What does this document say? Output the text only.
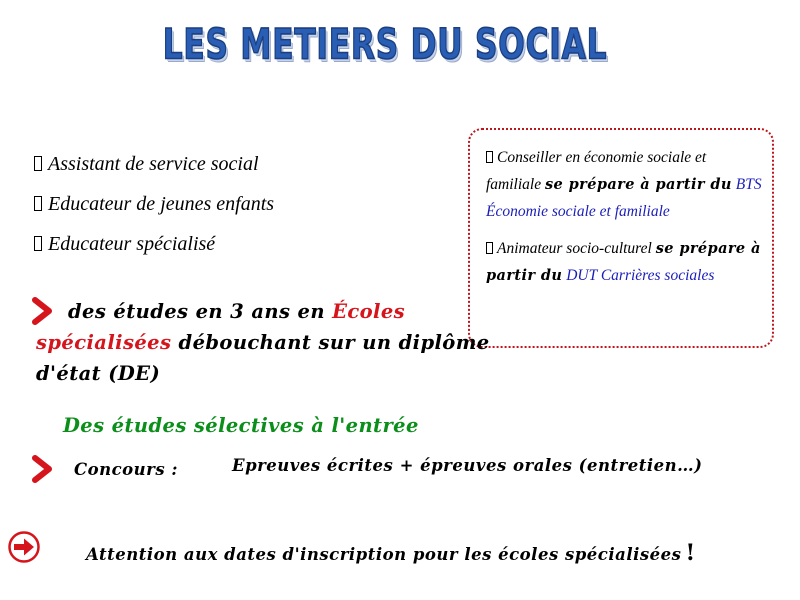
LES METIERS DU SOCIAL
Assistant de service social
Educateur de jeunes enfants
Educateur spécialisé

Conseiller en économie sociale et familiale se prépare à partir du BTS Économie sociale et familiale

Animateur socio-culturel se prépare à partir du DUT Carrières sociales

des études en 3 ans en Écoles spécialisées débouchant sur un diplôme d'état (DE)
Des études sélectives à l'entrée
Concours :	Epreuves écrites + épreuves orales (entretien…)
Attention aux dates d'inscription pour les écoles spécialisées !
